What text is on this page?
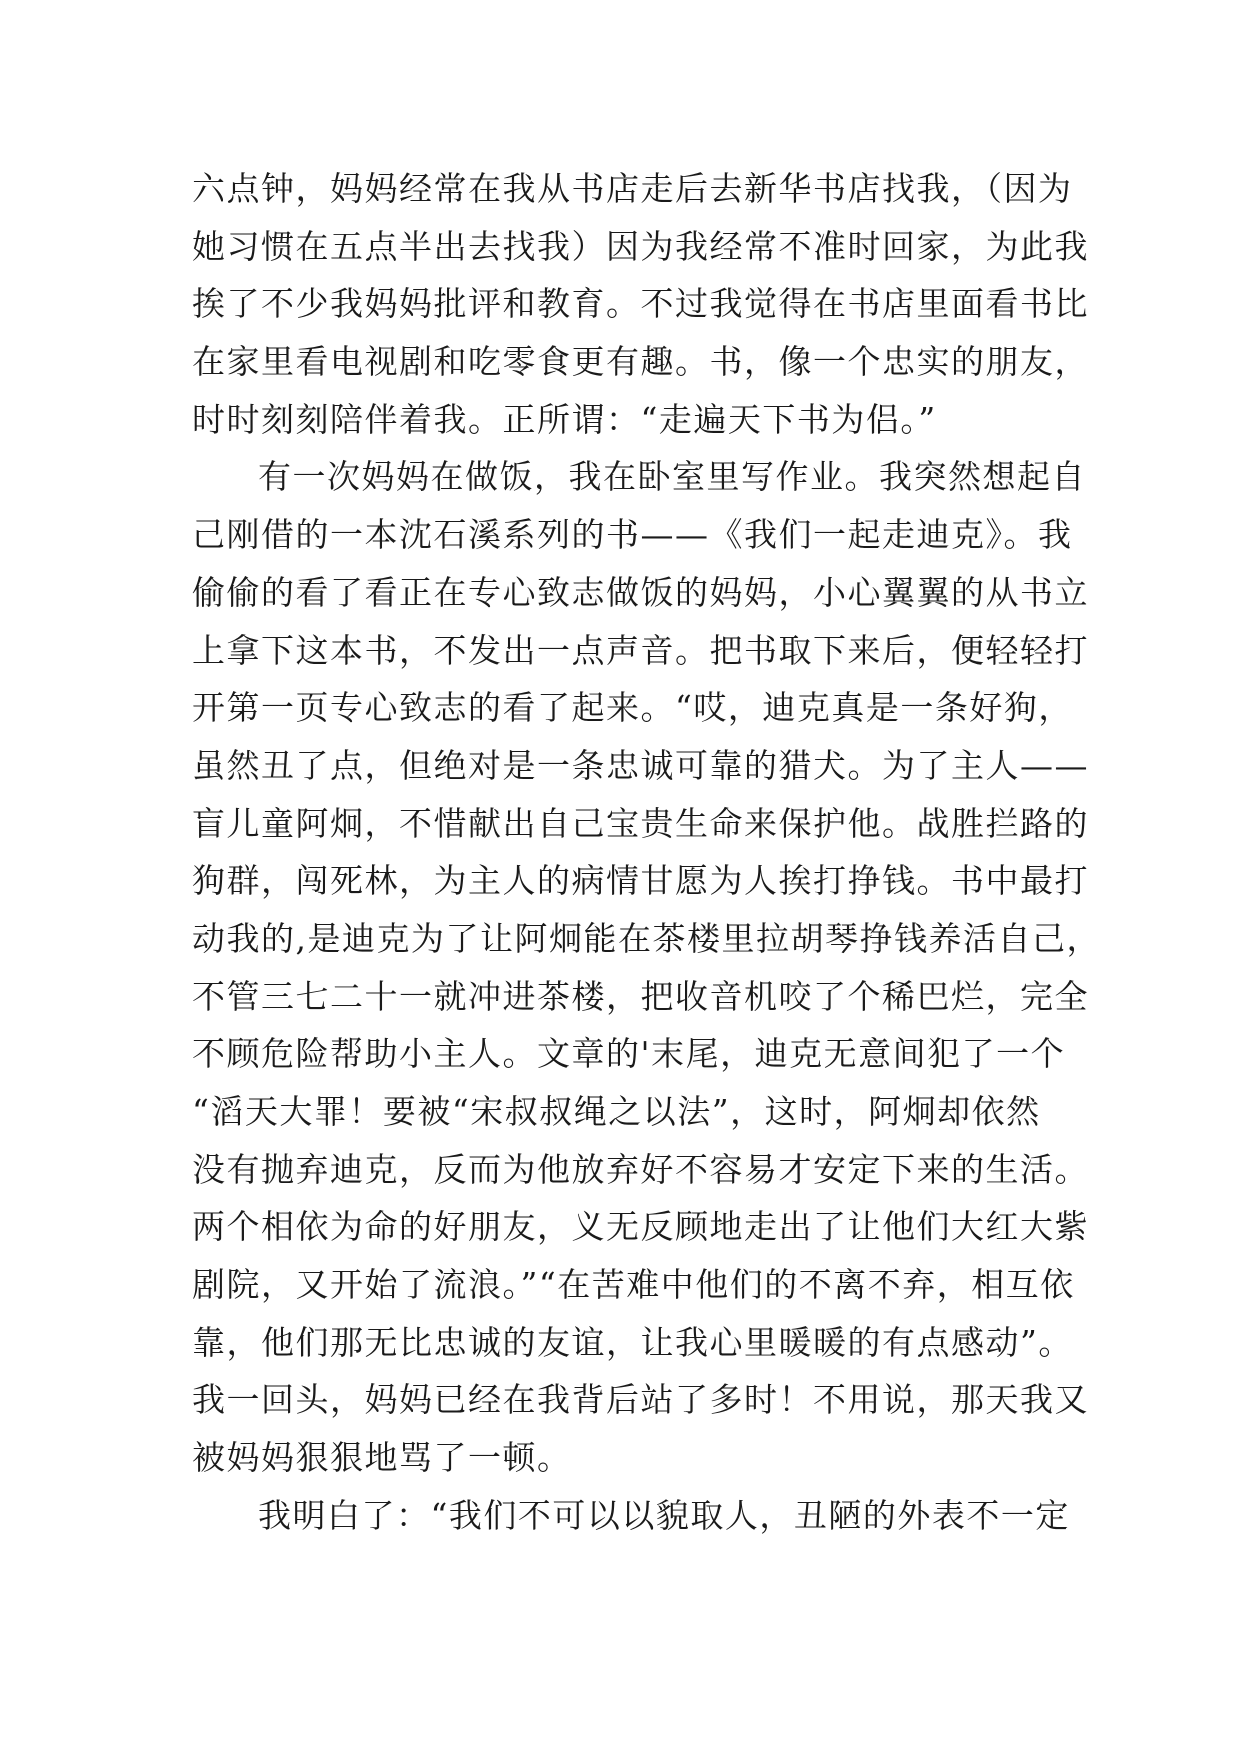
六点钟，妈妈经常在我从书店走后去新华书店找我，（因为
她习惯在五点半出去找我）因为我经常不准时回家，为此我
挨了不少我妈妈批评和教育。不过我觉得在书店里面看书比
在家里看电视剧和吃零食更有趣。书，像一个忠实的朋友，
时时刻刻陪伴着我。正所谓：“走遍天下书为侣。”
有一次妈妈在做饭，我在卧室里写作业。我突然想起自
己刚借的一本沈石溪系列的书——《我们一起走迪克》。我
偷偷的看了看正在专心致志做饭的妈妈，小心翼翼的从书立
上拿下这本书，不发出一点声音。把书取下来后，便轻轻打
开第一页专心致志的看了起来。“哎，迪克真是一条好狗，
虽然丑了点，但绝对是一条忠诚可靠的猎犬。为了主人——
盲儿童阿炯，不惜献出自己宝贵生命来保护他。战胜拦路的
狗群，闯死林，为主人的病情甘愿为人挨打挣钱。书中最打
动我的,是迪克为了让阿炯能在茶楼里拉胡琴挣钱养活自己，
不管三七二十一就冲进茶楼，把收音机咬了个稀巴烂，完全
不顾危险帮助小主人。文章的'末尾，迪克无意间犯了一个
“滔天大罪！要被“宋叔叔绳之以法”，这时，阿炯却依然
没有抛弃迪克，反而为他放弃好不容易才安定下来的生活。
两个相依为命的好朋友，义无反顾地走出了让他们大红大紫
剧院，又开始了流浪。”“在苦难中他们的不离不弃，相互依
靠，他们那无比忠诚的友谊，让我心里暖暖的有点感动”。
我一回头，妈妈已经在我背后站了多时！不用说，那天我又
被妈妈狠狠地骂了一顿。
我明白了：“我们不可以以貌取人，丑陋的外表不一定
